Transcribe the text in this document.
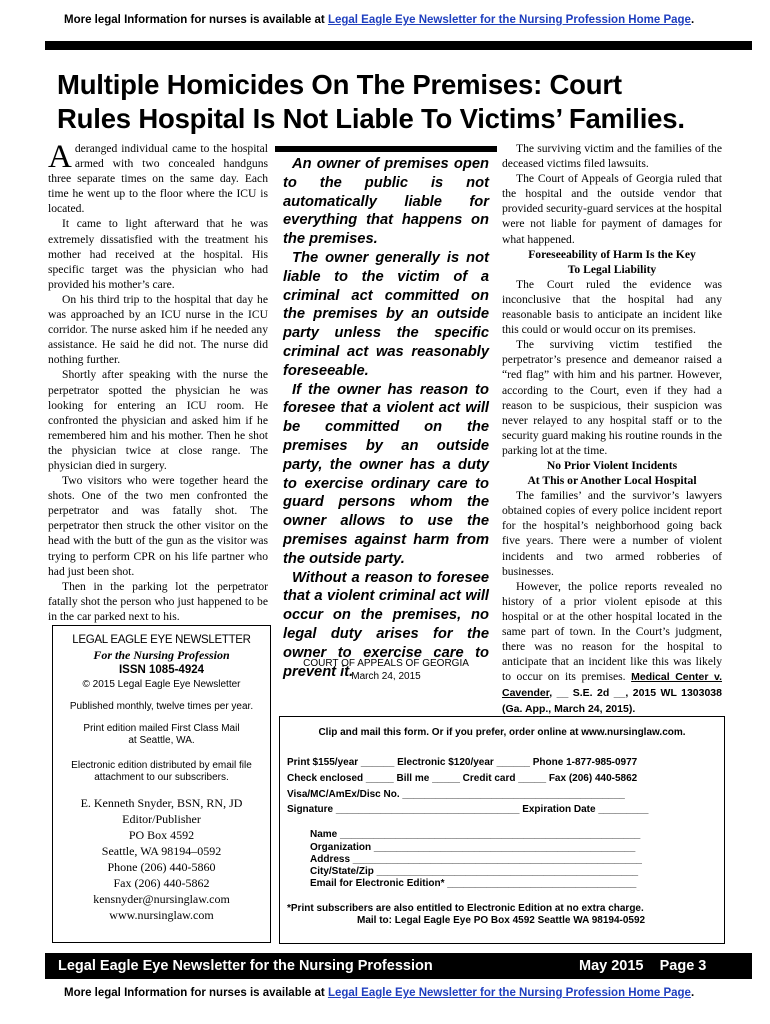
More legal Information for nurses is available at Legal Eagle Eye Newsletter for the Nursing Profession Home Page.
Multiple Homicides On The Premises: Court
Rules Hospital Is Not Liable To Victims’ Families.

Aderanged individual came to the hospital armed with two concealed handguns three separate times on the same day. Each time he went up to the floor where the ICU is located.

It came to light afterward that he was extremely dissatisfied with the treatment his mother had received at the hospital. His specific target was the physician who had provided his mother’s care.

On his third trip to the hospital that day he was approached by an ICU nurse in the ICU corridor. The nurse asked him if he needed any assistance. He said he did not. The nurse did nothing further.

Shortly after speaking with the nurse the perpetrator spotted the physician he was looking for entering an ICU room. He confronted the physician and asked him if he remembered him and his mother. Then he shot the physician twice at close range. The physician died in surgery.

Two visitors who were together heard the shots. One of the two men confronted the perpetrator and was fatally shot. The perpetrator then struck the other visitor on the head with the butt of the gun as the visitor was trying to perform CPR on his life partner who had just been shot.

Then in the parking lot the perpetrator fatally shot the person who just happened to be in the car parked next to his.

An owner of premises open to the public is not automatically liable for everything that happens on the premises.

The owner generally is not liable to the victim of a criminal act committed on the premises by an outside party unless the specific criminal act was reasonably foreseeable.

If the owner has reason to foresee that a violent act will be committed on the premises by an outside party, the owner has a duty to exercise ordinary care to guard persons whom the owner allows to use the premises against harm from the outside party.

Without a reason to foresee that a violent criminal act will occur on the premises, no legal duty arises for the owner to exercise care to prevent it.

COURT OF APPEALS OF GEORGIA
March 24, 2015

The surviving victim and the families of the deceased victims filed lawsuits.

The Court of Appeals of Georgia ruled that the hospital and the outside vendor that provided security-guard services at the hospital were not liable for payment of damages for what happened.

Foreseeability of Harm Is the Key
To Legal Liability

The Court ruled the evidence was inconclusive that the hospital had any reasonable basis to anticipate an incident like this could or would occur on its premises.

The surviving victim testified the perpetrator’s presence and demeanor raised a “red flag” with him and his partner. However, according to the Court, even if they had a reason to be suspicious, their suspicion was never relayed to any hospital staff or to the security guard making his routine rounds in the parking lot at the time.

No Prior Violent Incidents
At This or Another Local Hospital

The families’ and the survivor’s lawyers obtained copies of every police incident report for the hospital’s neighborhood going back five years. There were a number of violent incidents and two armed robberies of businesses.

However, the police reports revealed no history of a prior violent episode at this hospital or at the other hospital located in the same part of town. In the Court’s judgment, there was no reason for the hospital to anticipate that an incident like this was likely to occur on its premises. Medical Center v. Cavender, __ S.E. 2d __, 2015 WL 1303038 (Ga. App., March 24, 2015).

LEGAL EAGLE EYE NEWSLETTER
For the Nursing Profession
ISSN 1085-4924
© 2015 Legal Eagle Eye Newsletter
Published monthly, twelve times per year.
Print edition mailed First Class Mail
at Seattle, WA.
Electronic edition distributed by email file
attachment to our subscribers.
E. Kenneth Snyder, BSN, RN, JD
Editor/Publisher
PO Box 4592
Seattle, WA 98194–0592
Phone (206) 440-5860
Fax (206) 440-5862
kensnyder@nursinglaw.com
www.nursinglaw.com
Clip and mail this form. Or if you prefer, order online at www.nursinglaw.com.
Print $155/year ______ Electronic $120/year ______ Phone 1-877-985-0977
Check enclosed _____ Bill me _____ Credit card _____ Fax (206) 440-5862
Visa/MC/AmEx/Disc No. ________________________________________
Signature _________________________________ Expiration Date _________
Name ______________________________________________________
Organization _______________________________________________
Address ____________________________________________________
City/State/Zip _______________________________________________
Email for Electronic Edition* __________________________________
*Print subscribers are also entitled to Electronic Edition at no extra charge.
Mail to: Legal Eagle Eye PO Box 4592 Seattle WA 98194-0592
Legal Eagle Eye Newsletter for the Nursing Profession	May 2015    Page 3
More legal Information for nurses is available at Legal Eagle Eye Newsletter for the Nursing Profession Home Page.
